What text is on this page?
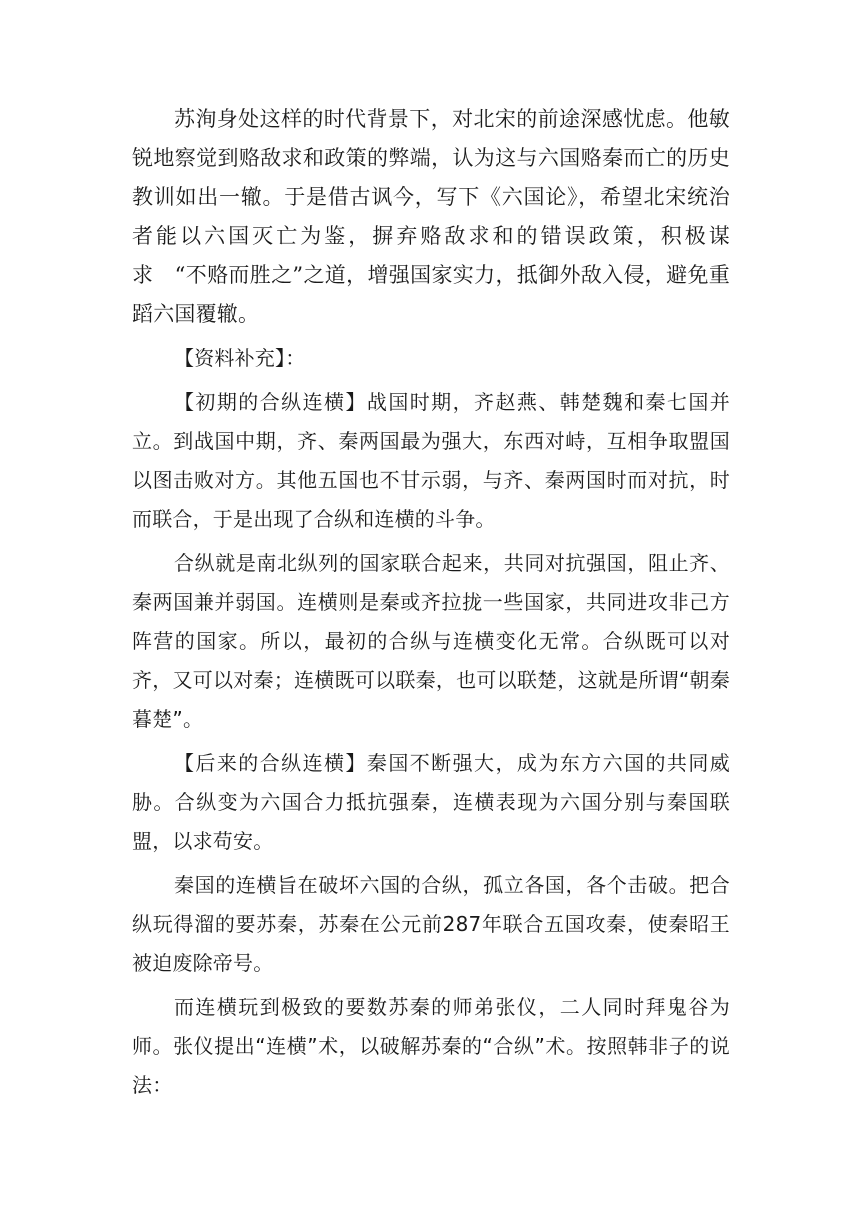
苏洵身处这样的时代背景下，对北宋的前途深感忧虑。他敏锐地察觉到赂敌求和政策的弊端，认为这与六国赂秦而亡的历史教训如出一辙。于是借古讽今，写下《六国论》，希望北宋统治者能以六国灭亡为鉴，摒弃赂敌求和的错误政策，积极谋求　“不赂而胜之”之道，增强国家实力，抵御外敌入侵，避免重蹈六国覆辙。

【资料补充】：

【初期的合纵连横】战国时期，齐赵燕、韩楚魏和秦七国并立。到战国中期，齐、秦两国最为强大，东西对峙，互相争取盟国以图击败对方。其他五国也不甘示弱，与齐、秦两国时而对抗，时而联合，于是出现了合纵和连横的斗争。

合纵就是南北纵列的国家联合起来，共同对抗强国，阻止齐、秦两国兼并弱国。连横则是秦或齐拉拢一些国家，共同进攻非己方阵营的国家。所以，最初的合纵与连横变化无常。合纵既可以对齐，又可以对秦；连横既可以联秦，也可以联楚，这就是所谓“朝秦暮楚”。

【后来的合纵连横】秦国不断强大，成为东方六国的共同威胁。合纵变为六国合力抵抗强秦，连横表现为六国分别与秦国联盟，以求苟安。

秦国的连横旨在破坏六国的合纵，孤立各国，各个击破。把合纵玩得溜的要苏秦，苏秦在公元前287年联合五国攻秦，使秦昭王被迫废除帝号。

而连横玩到极致的要数苏秦的师弟张仪，二人同时拜鬼谷为师。张仪提出“连横”术，以破解苏秦的“合纵”术。按照韩非子的说法：
